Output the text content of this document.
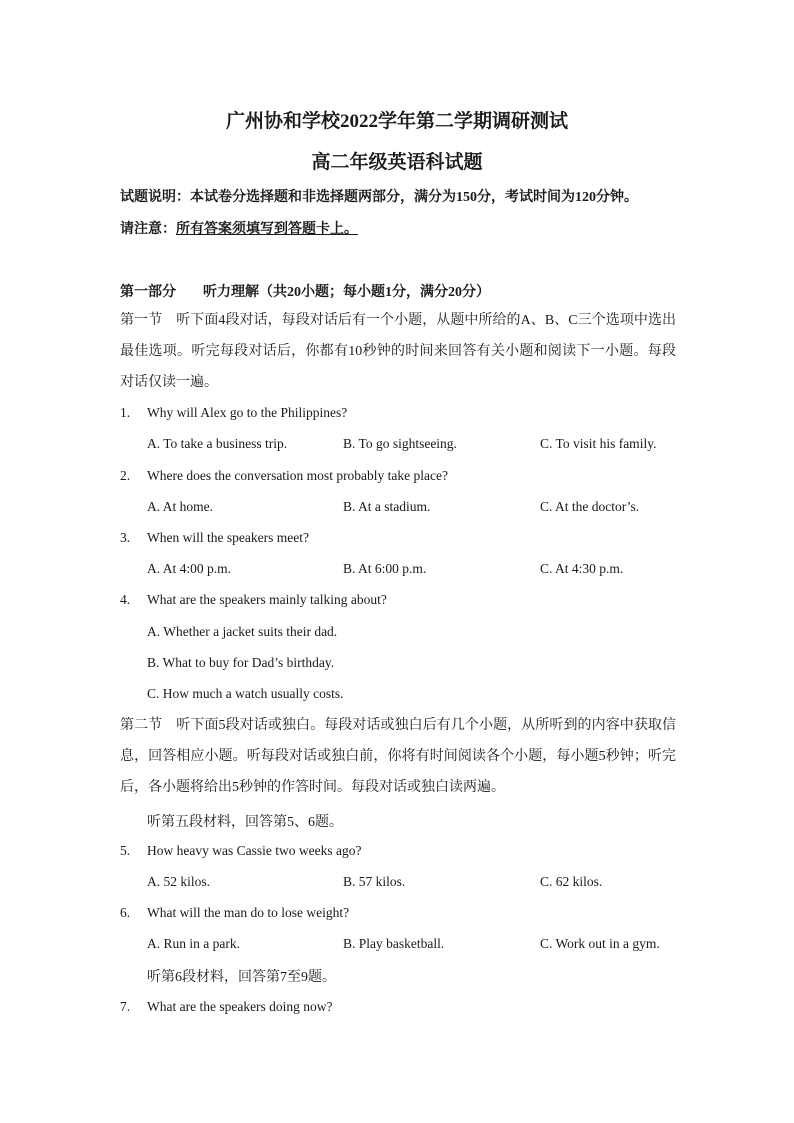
广州协和学校2022学年第二学期调研测试
高二年级英语科试题
试题说明：本试卷分选择题和非选择题两部分，满分为150分，考试时间为120分钟。
请注意：所有答案须填写到答题卡上。
第一部分 听力理解（共20小题；每小题1分，满分20分）
第一节 听下面4段对话，每段对话后有一个小题，从题中所给的A、B、C三个选项中选出最佳选项。听完每段对话后，你都有10秒钟的时间来回答有关小题和阅读下一小题。每段对话仅读一遍。
1. Why will Alex go to the Philippines?
A. To take a business trip.	B. To go sightseeing.	C. To visit his family.
2. Where does the conversation most probably take place?
A. At home.	B. At a stadium.	C. At the doctor’s.
3. When will the speakers meet?
A. At 4:00 p.m.	B. At 6:00 p.m.	C. At 4:30 p.m.
4. What are the speakers mainly talking about?
A. Whether a jacket suits their dad.
B. What to buy for Dad’s birthday.
C. How much a watch usually costs.
第二节 听下面5段对话或独白。每段对话或独白后有几个小题，从所听到的内容中获取信息，回答相应小题。听每段对话或独白前，你将有时间阅读各个小题，每小题5秒钟；听完后，各小题将给出5秒钟的作答时间。每段对话或独白读两遍。
听第五段材料，回答第5、6题。
5. How heavy was Cassie two weeks ago?
A. 52 kilos.	B. 57 kilos.	C. 62 kilos.
6. What will the man do to lose weight?
A. Run in a park.	B. Play basketball.	C. Work out in a gym.
听第6段材料，回答第7至9题。
7. What are the speakers doing now?
